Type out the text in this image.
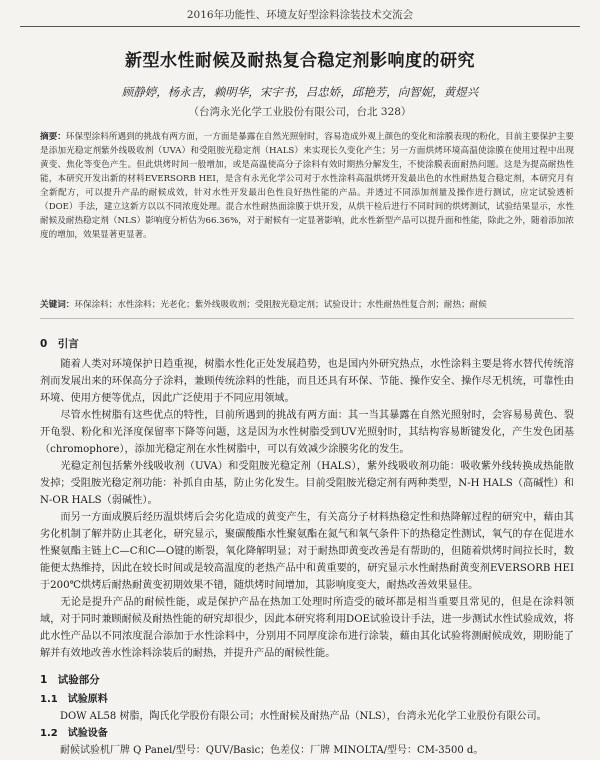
2016年功能性、环境友好型涂料涂装技术交流会
新型水性耐候及耐热复合稳定剂影响度的研究
顾静婷，杨永吉，赖明华，宋宇书，吕忠娇，邱艳芳，向智妮，黄煜兴
（台湾永光化学工业股份有限公司，台北 328）
摘要：环保型涂料所遇到的挑战有两方面，一方面是暴露在自然光照射时，容易造成外观上颜色的变化和涂膜表现的粉化，目前主要保护主要是添加光稳定剂紫外线吸收剂（UVA）和受阻胺光稳定剂（HALS）来实现长久变化产生；另一方面烘烤环境高温使涂膜在使用过程中出现黄变、焦化等变色产生。但此烘烤时间一般增加，或是高温使高分子涂料有效时期热分解发生，不使涂膜表面耐热问题。这是为提高耐热性能，本研究开发出新的材料EVERSORB HEI，是含有永光化学公司对于水性涂料高温烘烤开发最出色的水性耐热复合稳定剂，本研究月有全新配方，可以提升产品的耐候成效，针对水性开发最出色性良好热性能的产品。并透过不同添加剂量及操作进行测试，应定试验透析（DOE）手法，建立这新方以以不同浓度处理。混合水性耐热面涂膜于烘开发，从烘干检后进行不同时间的烘烤测试，试验结果显示，水性耐候及耐热稳定剂（NLS）影响度分析估为66.36%，对于耐候有一定显著影响，此水性新型产品可以提升面和性能，除此之外，随着添加浓度的增加，效果显著更显著。
关键词：环保涂料；水性涂料；光老化；紫外线吸收剂；受阻胺光稳定剂；试验设计；水性耐热性复合剂；耐热；耐候
0　引言

随着人类对环境保护日趋重视，树脂水性化正处发展趋势，也是国内外研究热点，水性涂料主要是将水替代传统溶剂而发展出来的环保高分子涂料，兼顾传统涂料的性能，而且还具有环保、节能、操作安全、操作尽无机统，可靠性由环境、使用方便等优点，因此广泛使用于不同应用领域。

尽管水性树脂有这些优点的特性，目前所遇到的挑战有两方面：其一当其暴露在自然光照射时，会容易易黄色、裂开龟裂、粉化和光泽度保留率下降等问题，这是因为水性树脂受到UV光照射时，其结构容易断键发化，产生发色团基（chromophore），添加光稳定剂在水性树脂中，可以有效减少涂膜劣化的发生。

光稳定剂包括紫外线吸收剂（UVA）和受阻胺光稳定剂（HALS），紫外线吸收剂功能：吸收紫外线转换成热能散发掉；受阻胺光稳定剂功能：补抓自由基，防止劣化发生。目前受阻胺光稳定剂有两种类型，N-H HALS（高碱性）和N-OR HALS（弱碱性）。

而另一方面成膜后经历温烘烤后会劣化造成的黄变产生，有关高分子材料热稳定性和热降解过程的研究中，藉由其劣化机制了解并防止其老化，研究显示，聚碳酸酯水性聚氨酯在氮气和氧气条件下的热稳定性测试，氧气的存在促进水性聚氨酯主链上C—C和C—O键的断裂，氧化降解明显；对于耐热即黄变改善是有帮助的，但随着烘烤时间拉长时，数能便太热维持，因此在较长时间或是较高温度的老热产品中和黄重要的，研究显示水性耐热耐黄变剂EVERSORB HEI于200℃烘烤后耐热耐黄变初期效果不错，随烘烤时间增加，其影响度变大，耐热改善效果显佳。

无论是提升产品的耐候性能，或是保护产品在热加工处理时所造受的破坏都是相当重要且常见的，但是在涂料领域，对于同时兼顾耐候及耐热性能的研究却很少，因此本研究将利用DOE试验设计手法，进一步测试水性试验成效，将此水性产品以不同浓度混合添加于水性涂料中，分别用不同厚度涂布进行涂装，藉由其化试验将测耐候成效，期盼能了解并有效地改善水性涂料涂装后的耐热，并提升产品的耐候性能。

1　试验部分
1.1　试验原料
DOW AL58 树脂，陶氏化学股份有限公司；水性耐候及耐热产品（NLS），台湾永光化学工业股份有限公司。
1.2　试验设备
耐候试验机厂牌 Q Panel/型号：QUV/Basic；色差仪：厂牌 MINOLTA/型号：CM-3500 d。
